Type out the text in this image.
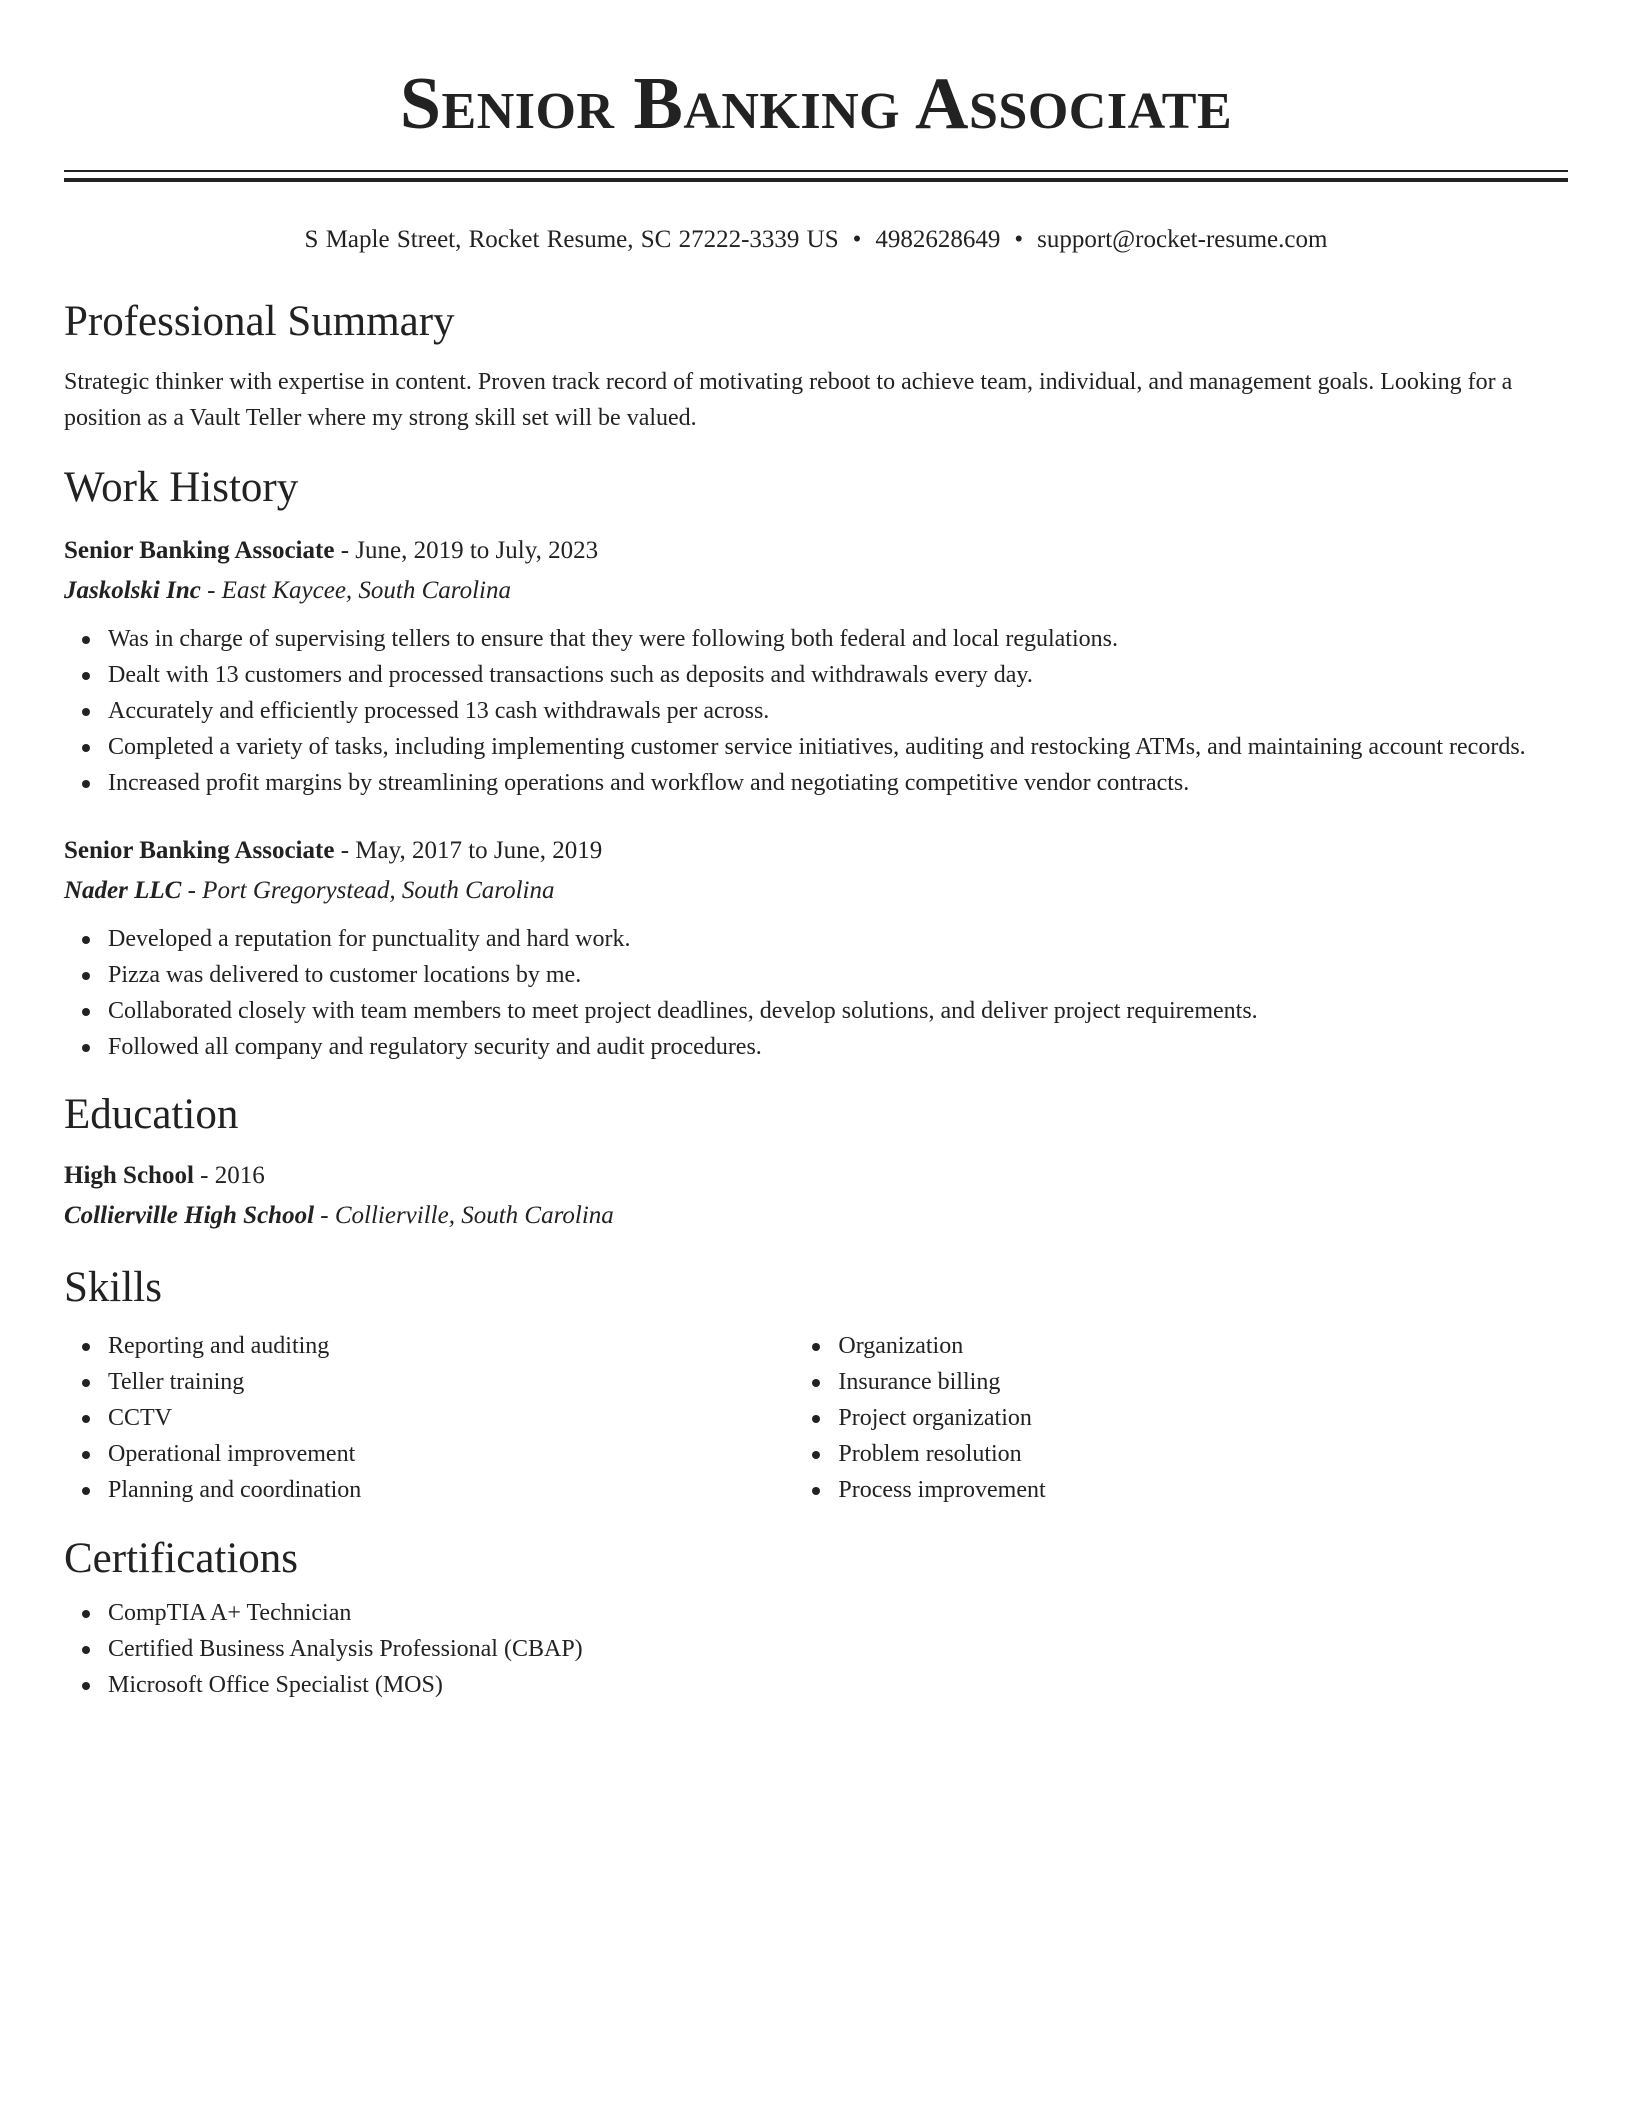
Senior Banking Associate
S Maple Street, Rocket Resume, SC 27222-3339 US • 4982628649 • support@rocket-resume.com
Professional Summary
Strategic thinker with expertise in content. Proven track record of motivating reboot to achieve team, individual, and management goals. Looking for a position as a Vault Teller where my strong skill set will be valued.
Work History
Senior Banking Associate - June, 2019 to July, 2023
Jaskolski Inc - East Kaycee, South Carolina
Was in charge of supervising tellers to ensure that they were following both federal and local regulations.
Dealt with 13 customers and processed transactions such as deposits and withdrawals every day.
Accurately and efficiently processed 13 cash withdrawals per across.
Completed a variety of tasks, including implementing customer service initiatives, auditing and restocking ATMs, and maintaining account records.
Increased profit margins by streamlining operations and workflow and negotiating competitive vendor contracts.
Senior Banking Associate - May, 2017 to June, 2019
Nader LLC - Port Gregorystead, South Carolina
Developed a reputation for punctuality and hard work.
Pizza was delivered to customer locations by me.
Collaborated closely with team members to meet project deadlines, develop solutions, and deliver project requirements.
Followed all company and regulatory security and audit procedures.
Education
High School - 2016
Collierville High School - Collierville, South Carolina
Skills
Reporting and auditing
Teller training
CCTV
Operational improvement
Planning and coordination
Organization
Insurance billing
Project organization
Problem resolution
Process improvement
Certifications
CompTIA A+ Technician
Certified Business Analysis Professional (CBAP)
Microsoft Office Specialist (MOS)
